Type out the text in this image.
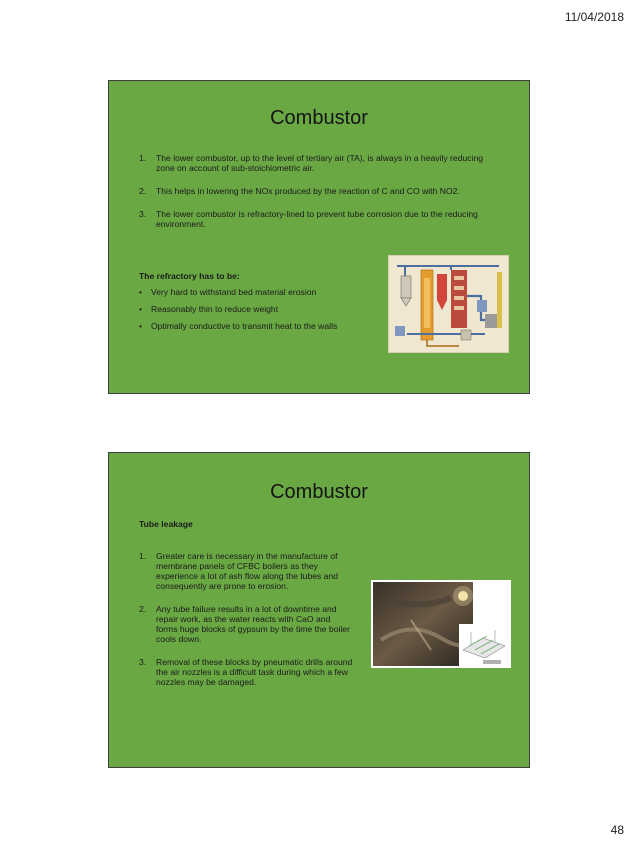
11/04/2018
Combustor
1. The lower combustor, up to the level of tertiary air (TA), is always in a heavily reducing zone on account of sub-stoichiometric air.
2. This helps in lowering the NOx produced by the reaction of C and CO with NO2.
3. The lower combustor is refractory-lined to prevent tube corrosion due to the reducing environment.
The refractory has to be:
• Very hard to withstand bed material erosion
• Reasonably thin to reduce weight
• Optimally conductive to transmit heat to the walls
Combustor
Tube leakage
1. Greater care is necessary in the manufacture of membrane panels of CFBC boilers as they experience a lot of ash flow along the tubes and consequently are prone to erosion.
2. Any tube failure results in a lot of downtime and repair work, as the water reacts with CaO and forms huge blocks of gypsum by the time the boiler cools down.
3. Removal of these blocks by pneumatic drills around the air nozzles is a difficult task during which a few nozzles may be damaged.
48
